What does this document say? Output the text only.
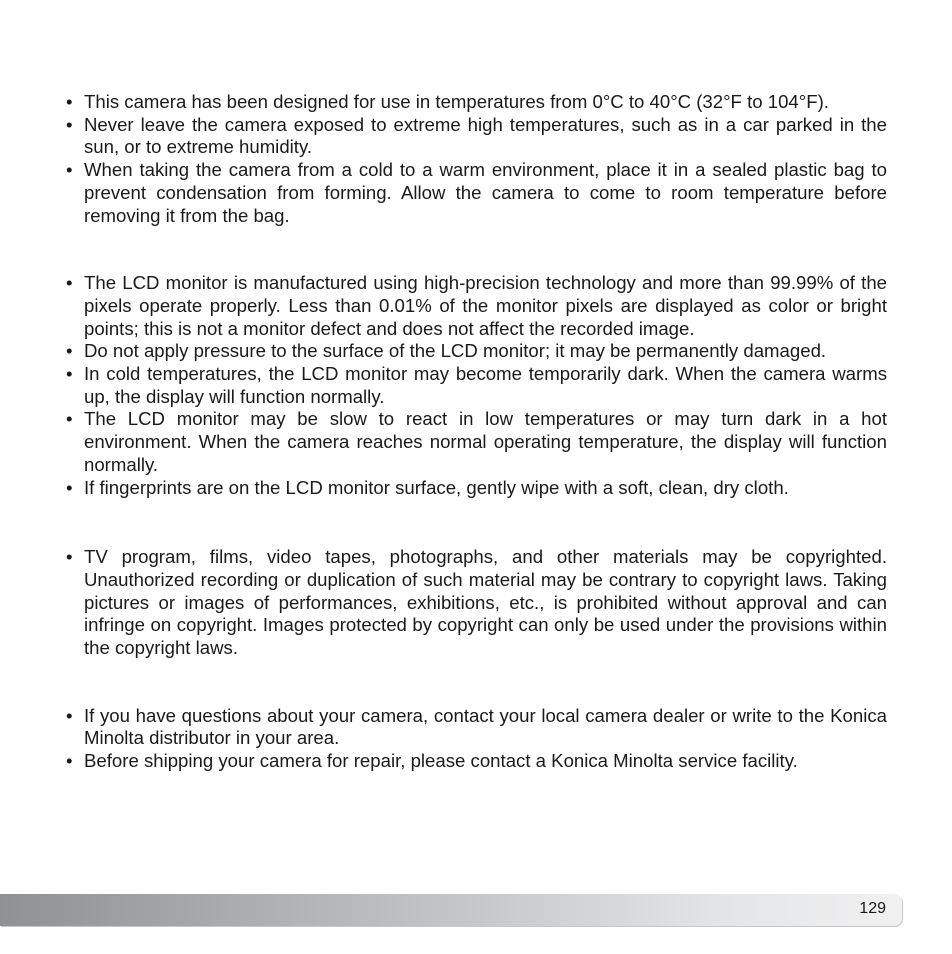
• This camera has been designed for use in temperatures from 0°C to 40°C (32°F to 104°F).
• Never leave the camera exposed to extreme high temperatures, such as in a car parked in the sun, or to extreme humidity.
• When taking the camera from a cold to a warm environment, place it in a sealed plastic bag to prevent condensation from forming. Allow the camera to come to room temperature before removing it from the bag.
• The LCD monitor is manufactured using high-precision technology and more than 99.99% of the pixels operate properly. Less than 0.01% of the monitor pixels are displayed as color or bright points; this is not a monitor defect and does not affect the recorded image.
• Do not apply pressure to the surface of the LCD monitor; it may be permanently damaged.
• In cold temperatures, the LCD monitor may become temporarily dark. When the camera warms up, the display will function normally.
• The LCD monitor may be slow to react in low temperatures or may turn dark in a hot environment. When the camera reaches normal operating temperature, the display will function normally.
• If fingerprints are on the LCD monitor surface, gently wipe with a soft, clean, dry cloth.
• TV program, films, video tapes, photographs, and other materials may be copyrighted. Unauthorized recording or duplication of such material may be contrary to copyright laws. Taking pictures or images of performances, exhibitions, etc., is prohibited without approval and can infringe on copyright. Images protected by copyright can only be used under the provisions within the copyright laws.
• If you have questions about your camera, contact your local camera dealer or write to the Konica Minolta distributor in your area.
• Before shipping your camera for repair, please contact a Konica Minolta service facility.
129
